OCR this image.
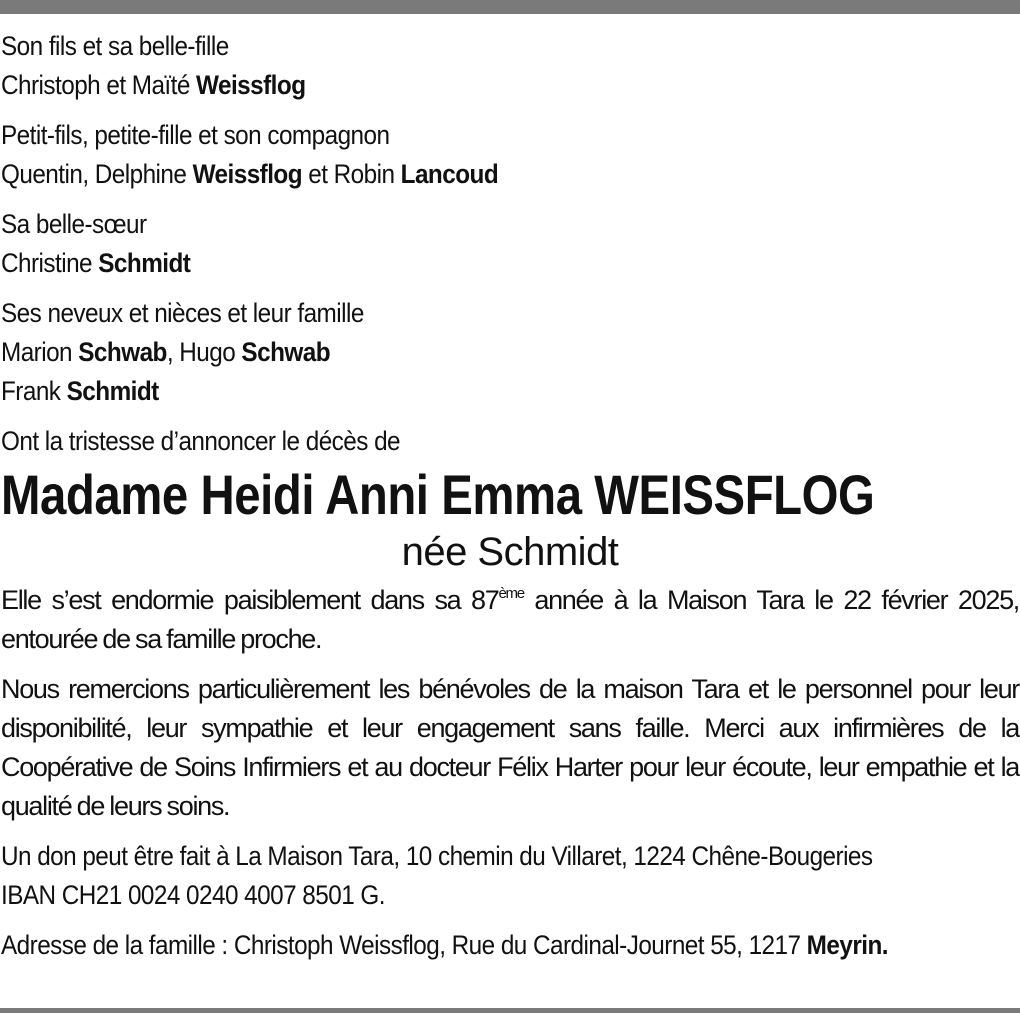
Son fils et sa belle-fille
Christoph et Maïté Weissflog
Petit-fils, petite-fille et son compagnon
Quentin, Delphine Weissflog et Robin Lancoud
Sa belle-sœur
Christine Schmidt
Ses neveux et nièces et leur famille
Marion Schwab, Hugo Schwab
Frank Schmidt
Ont la tristesse d’annoncer le décès de
Madame Heidi Anni Emma WEISSFLOG
née Schmidt
Elle s’est endormie paisiblement dans sa 87ème année à la Maison Tara le 22 février 2025, entourée de sa famille proche.
Nous remercions particulièrement les bénévoles de la maison Tara et le personnel pour leur disponibilité, leur sympathie et leur engagement sans faille. Merci aux infirmières de la Coopérative de Soins Infirmiers et au docteur Félix Harter pour leur écoute, leur empathie et la qualité de leurs soins.
Un don peut être fait à La Maison Tara, 10 chemin du Villaret, 1224 Chêne-Bougeries
IBAN CH21 0024 0240 4007 8501 G.
Adresse de la famille : Christoph Weissflog, Rue du Cardinal-Journet 55, 1217 Meyrin.
